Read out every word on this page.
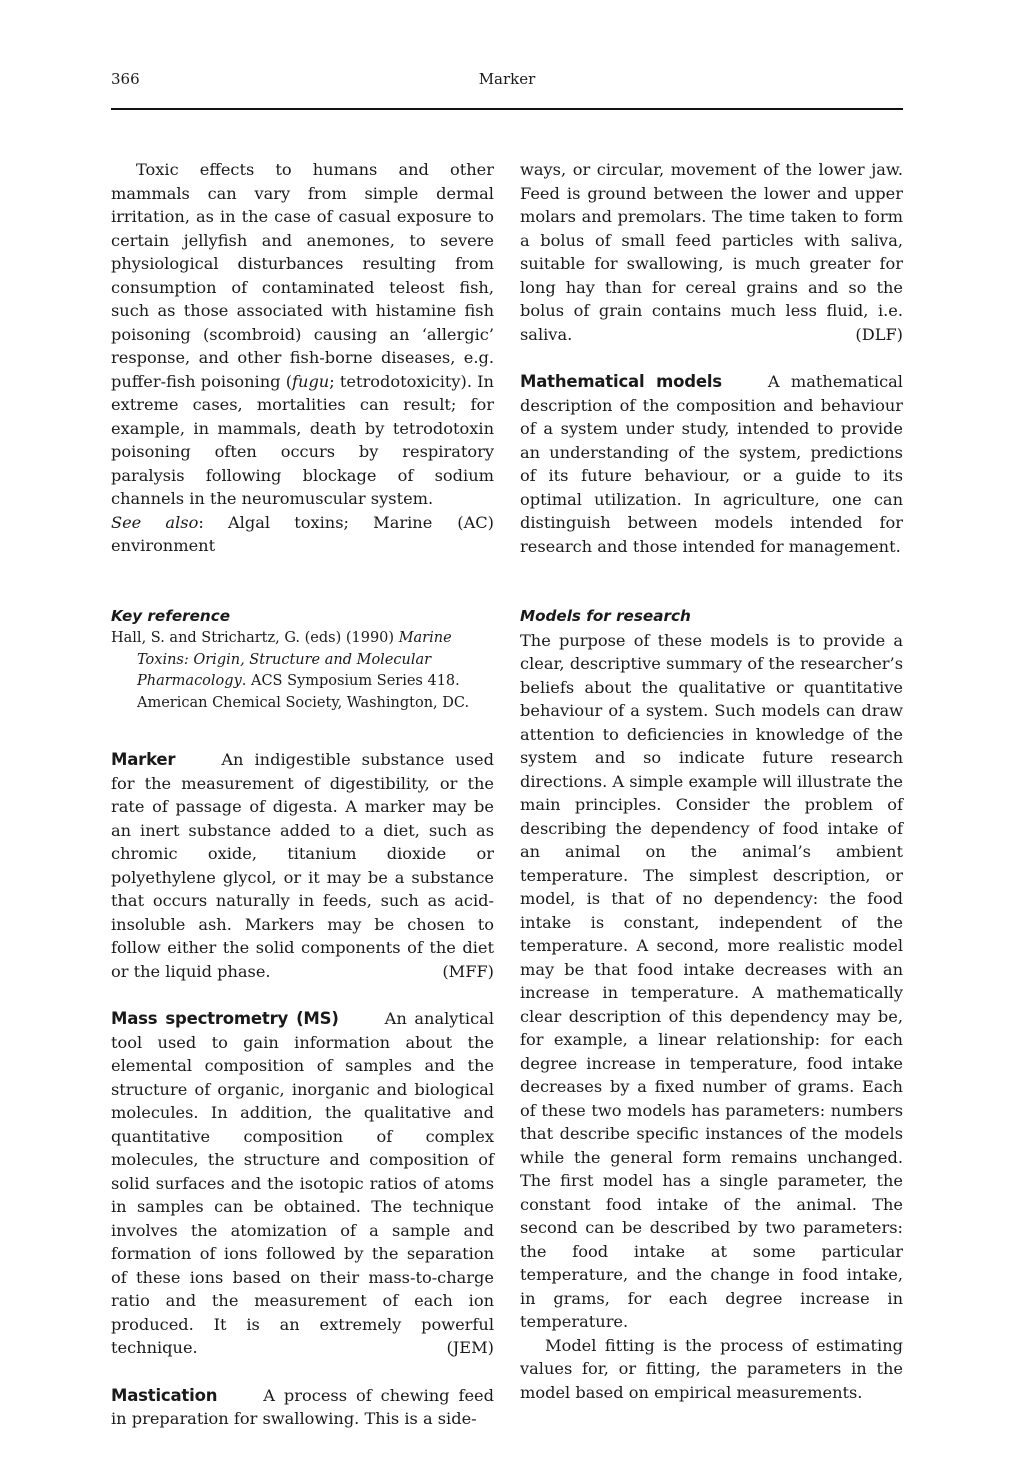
366	Marker

Toxic effects to humans and other mammals can vary from simple dermal irritation, as in the case of casual exposure to certain jellyfish and anemones, to severe physiological disturbances resulting from consumption of contaminated teleost fish, such as those associated with histamine fish poisoning (scombroid) causing an ‘allergic’ response, and other fish-borne diseases, e.g. puffer-fish poisoning (fugu; tetrodotoxicity). In extreme cases, mortalities can result; for example, in mammals, death by tetrodotoxin poisoning often occurs by respiratory paralysis following blockage of sodium channels in the neuromuscular system.
(AC)

See also: Algal toxins; Marine environment

Key reference

Hall, S. and Strichartz, G. (eds) (1990) Marine Toxins: Origin, Structure and Molecular Pharmacology. ACS Symposium Series 418. American Chemical Society, Washington, DC.

Marker	An indigestible substance used for the measurement of digestibility, or the rate of passage of digesta. A marker may be an inert substance added to a diet, such as chromic oxide, titanium dioxide or polyethylene glycol, or it may be a substance that occurs naturally in feeds, such as acid-insoluble ash. Markers may be chosen to follow either the solid components of the diet or the liquid phase.	(MFF)

Mass spectrometry (MS)	An analytical tool used to gain information about the elemental composition of samples and the structure of organic, inorganic and biological molecules. In addition, the qualitative and quantitative composition of complex molecules, the structure and composition of solid surfaces and the isotopic ratios of atoms in samples can be obtained. The technique involves the atomization of a sample and formation of ions followed by the separation of these ions based on their mass-to-charge ratio and the measurement of each ion produced. It is an extremely powerful technique.	(JEM)

Mastication	A process of chewing feed in preparation for swallowing. This is a side-

ways, or circular, movement of the lower jaw. Feed is ground between the lower and upper molars and premolars. The time taken to form a bolus of small feed particles with saliva, suitable for swallowing, is much greater for long hay than for cereal grains and so the bolus of grain contains much less fluid, i.e. saliva.	(DLF)

Mathematical models	A mathematical description of the composition and behaviour of a system under study, intended to provide an understanding of the system, predictions of its future behaviour, or a guide to its optimal utilization. In agriculture, one can distinguish between models intended for research and those intended for management.

Models for research

The purpose of these models is to provide a clear, descriptive summary of the researcher’s beliefs about the qualitative or quantitative behaviour of a system. Such models can draw attention to deficiencies in knowledge of the system and so indicate future research directions. A simple example will illustrate the main principles. Consider the problem of describing the dependency of food intake of an animal on the animal’s ambient temperature. The simplest description, or model, is that of no dependency: the food intake is constant, independent of the temperature. A second, more realistic model may be that food intake decreases with an increase in temperature. A mathematically clear description of this dependency may be, for example, a linear relationship: for each degree increase in temperature, food intake decreases by a fixed number of grams. Each of these two models has parameters: numbers that describe specific instances of the models while the general form remains unchanged. The first model has a single parameter, the constant food intake of the animal. The second can be described by two parameters: the food intake at some particular temperature, and the change in food intake, in grams, for each degree increase in temperature.

Model fitting is the process of estimating values for, or fitting, the parameters in the model based on empirical measurements.
